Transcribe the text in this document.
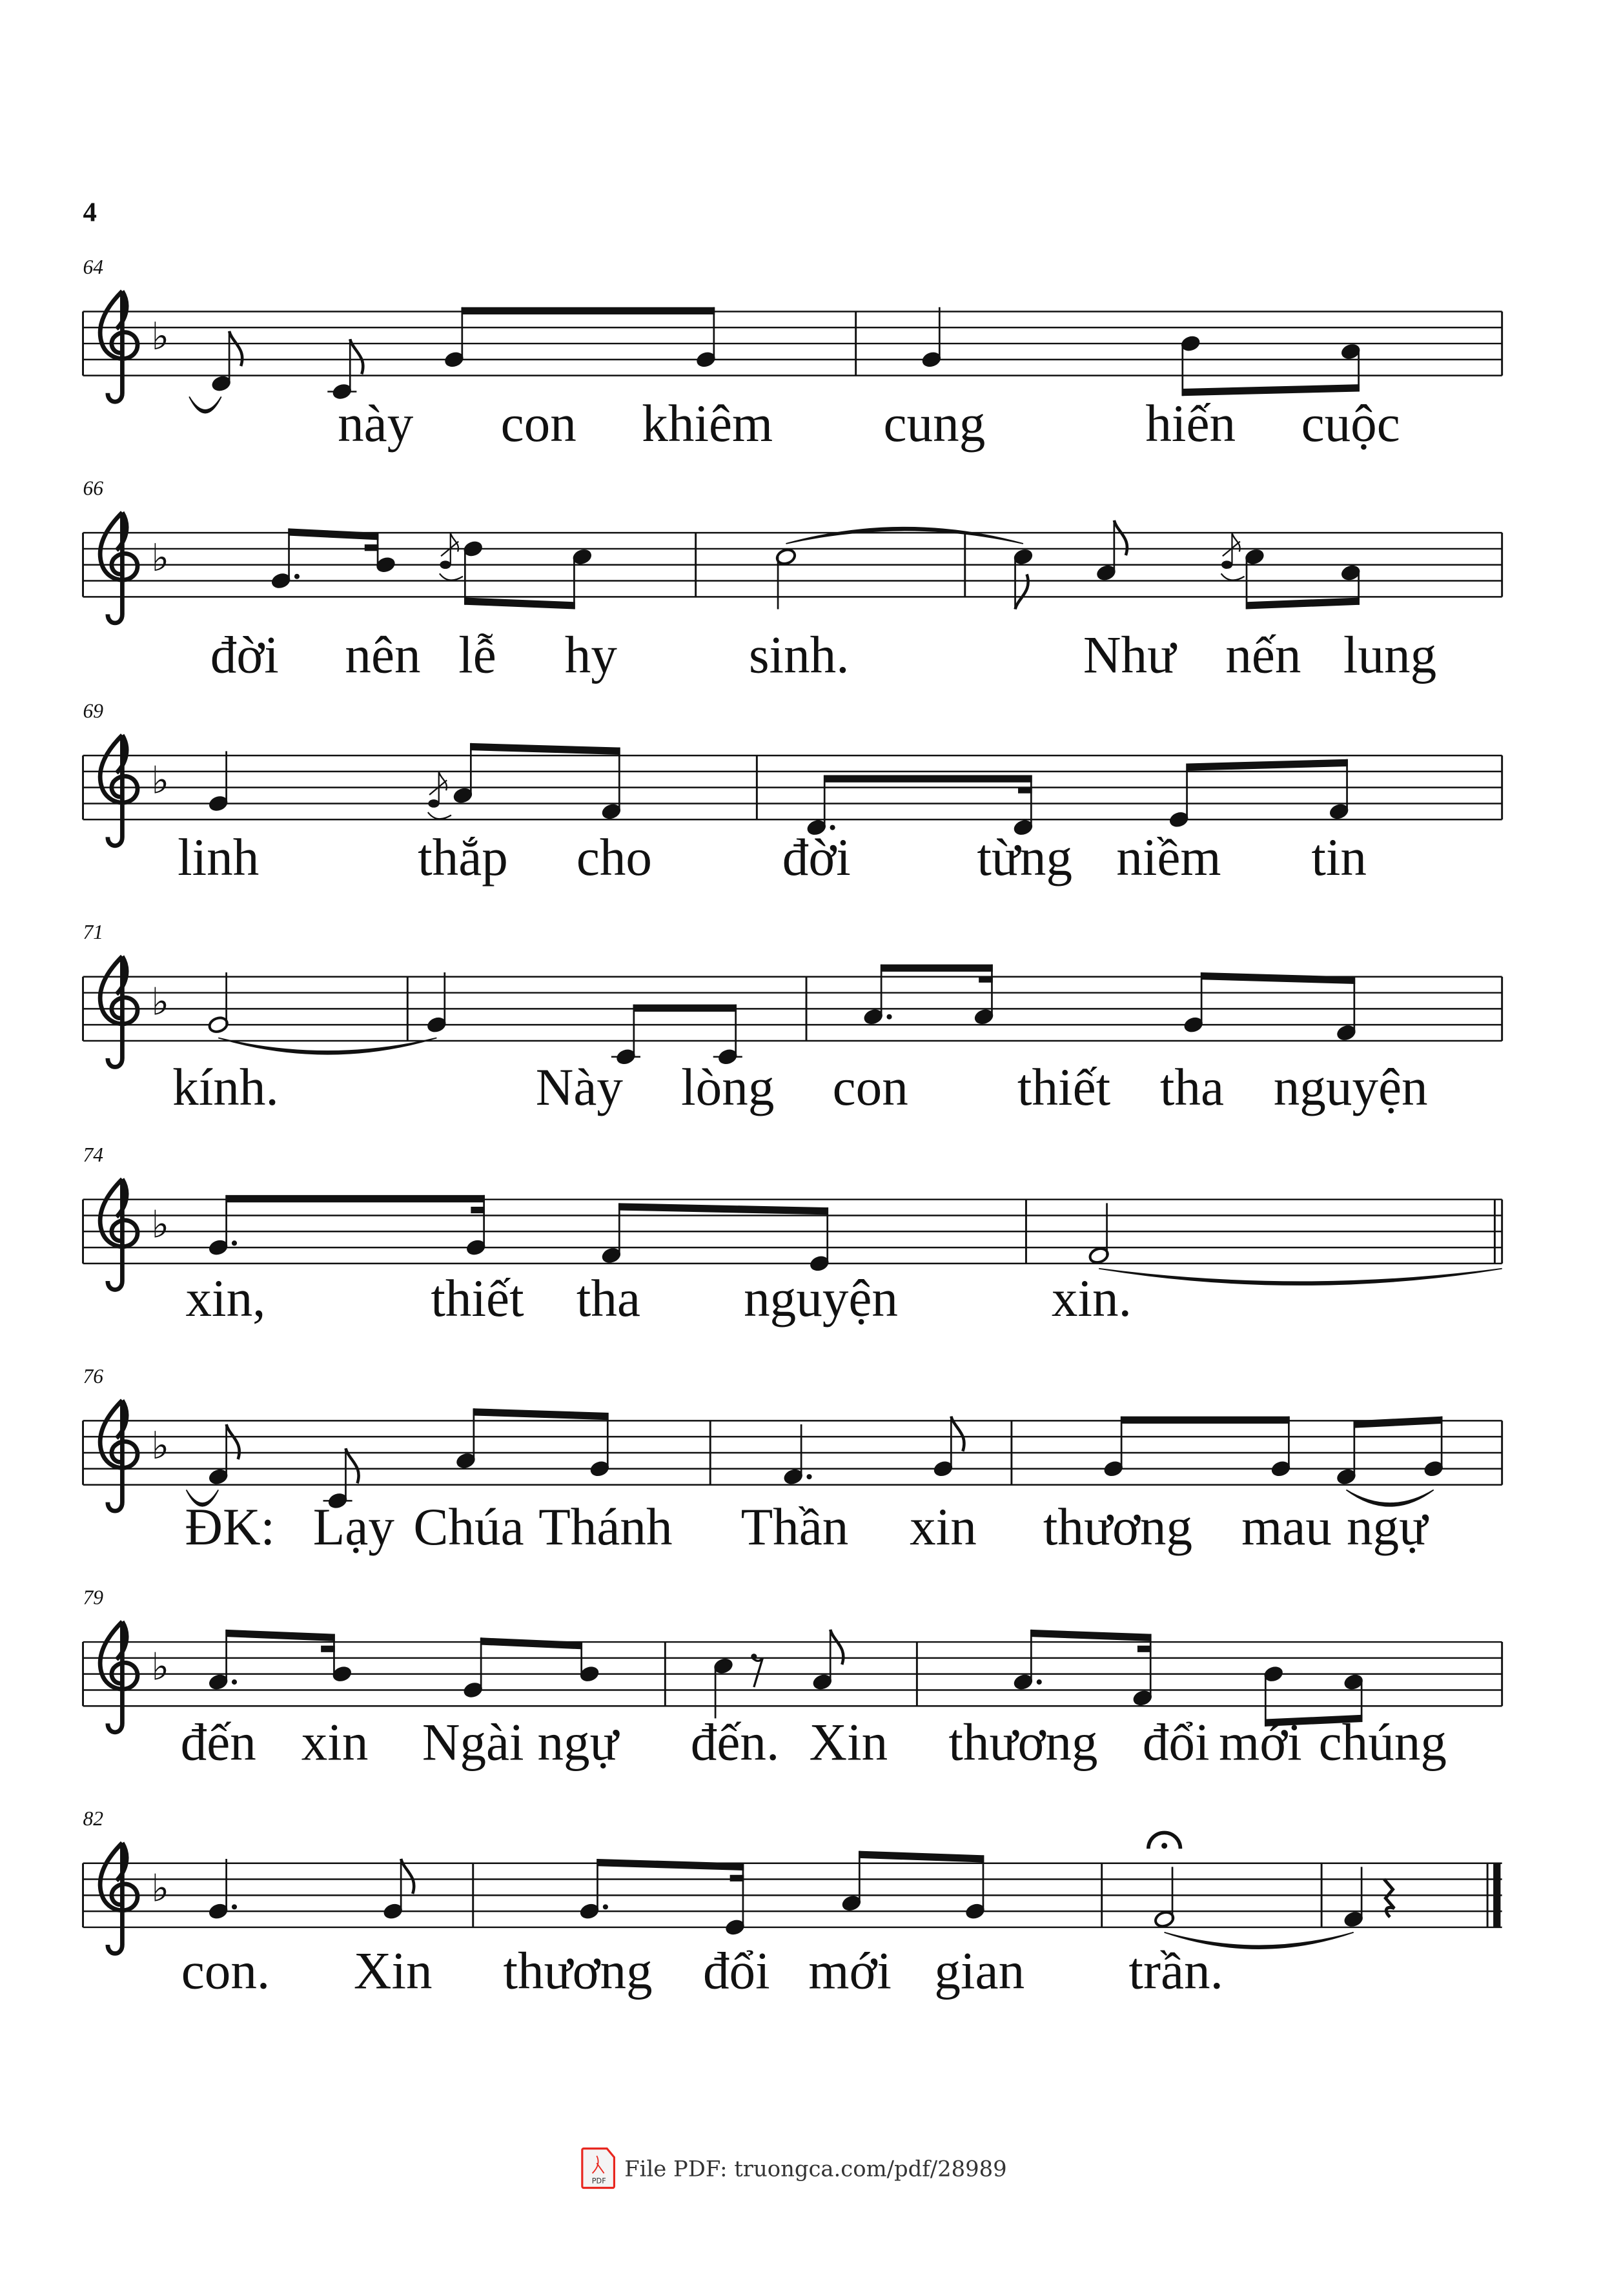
4
64
♭
này	con	khiêm	cung	hiến	cuộc
66
♭
đời	nên lễ	hy	sinh.	Như nến lung
69
♭
linh	thắp	cho	đời	từng niềm	tin
71
♭
kính.	Này	lòng	con	thiết tha nguyện
74
♭
xin,	thiết tha	nguyện	xin.
76
♭
ĐK: Lạy Chúa Thánh	Thần	xin	thương mau ngự
79
♭
đến xin Ngài ngự	đến. Xin	thương đổi mới chúng
82
♭
con.	Xin	thương đổi mới gian	trần.
PDF File PDF: truongca.com/pdf/28989
